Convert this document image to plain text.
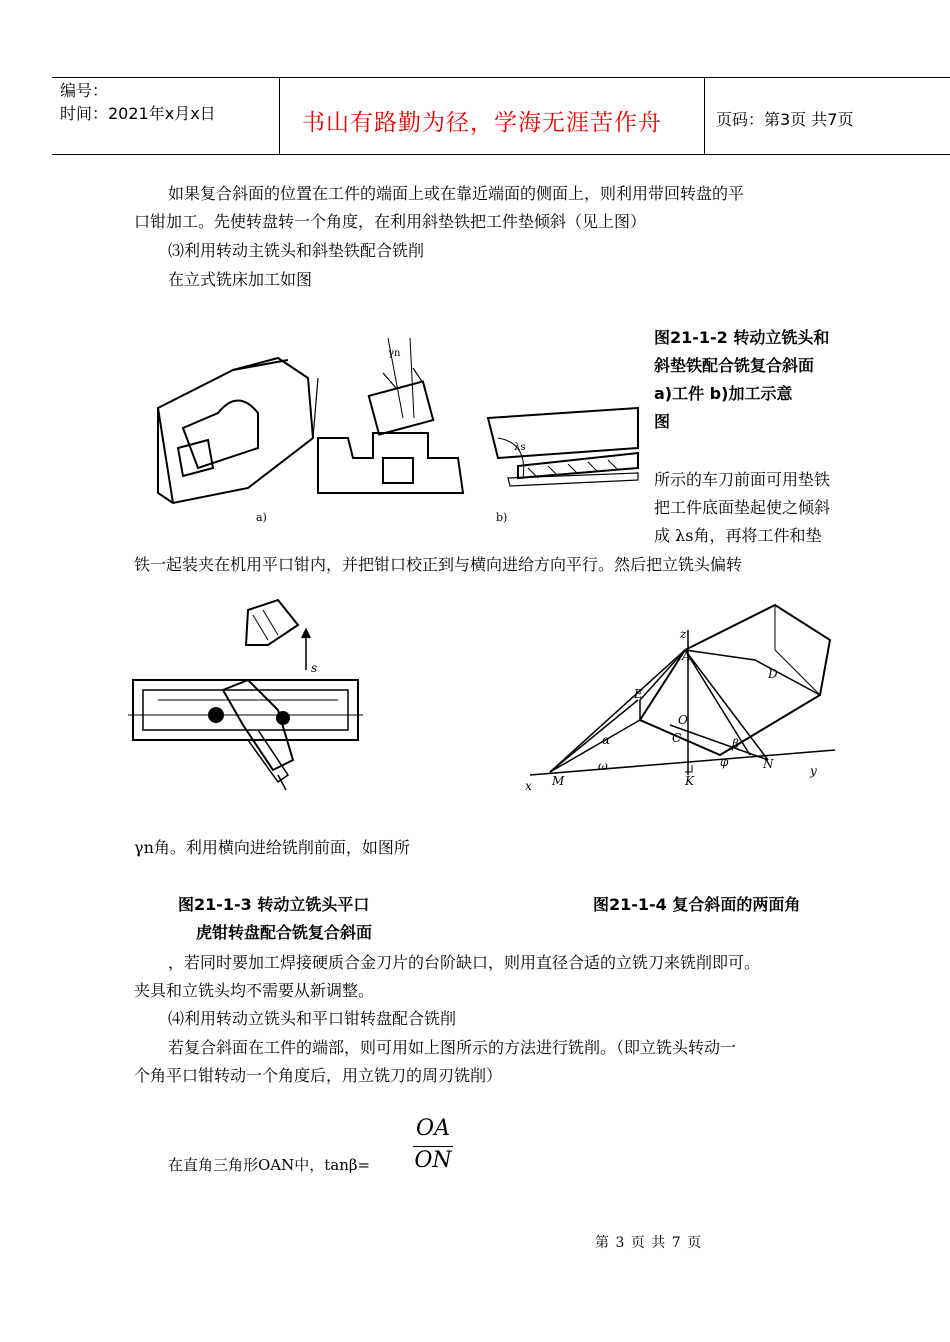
编号：
时间：2021年x月x日	书山有路勤为径，学海无涯苦作舟	页码：第3页 共7页
如果复合斜面的位置在工件的端面上或在靠近端面的侧面上，则利用带回转盘的平
口钳加工。先使转盘转一个角度，在利用斜垫铁把工件垫倾斜（见上图）
⑶利用转动主铣头和斜垫铁配合铣削
在立式铣床加工如图
a)	b)
γn
λs
图21-1-2 转动立铣头和
斜垫铁配合铣复合斜面
a)工件 b)加工示意
图
所示的车刀前面可用垫铁
把工件底面垫起使之倾斜
成 λs角，再将工件和垫
铁一起装夹在机用平口钳内，并把钳口校正到与横向进给方向平行。然后把立铣头偏转
s
z
A
D
E
O
C
α	β
ω	φ
M	K
N
x
y
γn角。利用横向进给铣削前面，如图所
图21-1-3 转动立铣头平口
虎钳转盘配合铣复合斜面
图21-1-4 复合斜面的两面角
，若同时要加工焊接硬质合金刀片的台阶缺口，则用直径合适的立铣刀来铣削即可。
夹具和立铣头均不需要从新调整。
⑷利用转动立铣头和平口钳转盘配合铣削
若复合斜面在工件的端部，则可用如上图所示的方法进行铣削。（即立铣头转动一
个角平口钳转动一个角度后，用立铣刀的周刃铣削）
在直角三角形OAN中，tanβ=
OA
ON
第 3 页 共 7 页
